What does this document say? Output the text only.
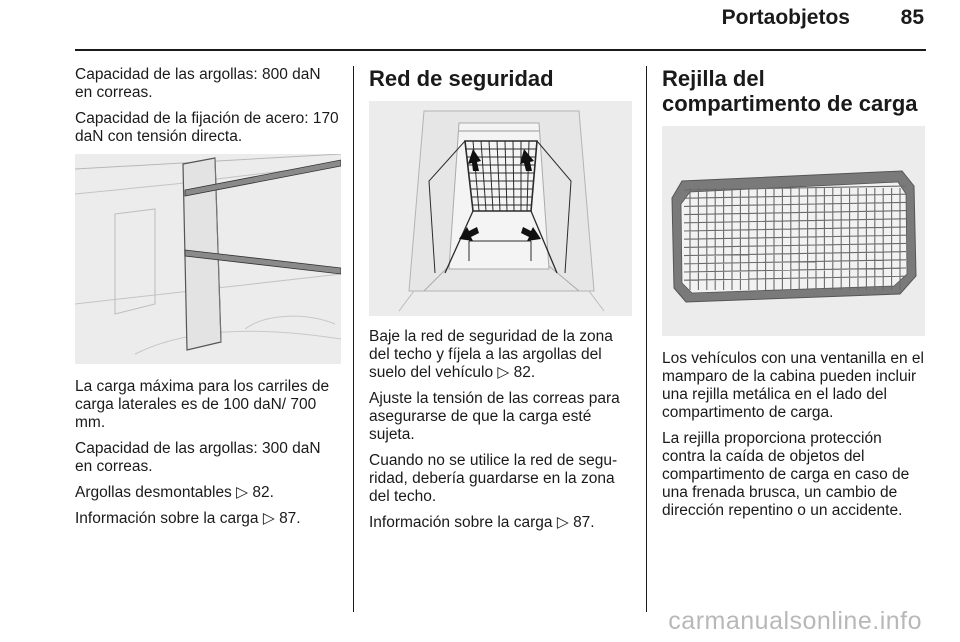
Portaobjetos 85

Capacidad de las argollas: 800 daN en correas.

Capacidad de la fijación de acero: 170 daN con tensión directa.

La carga máxima para los carriles de carga laterales es de 100 daN/ 700 mm.

Capacidad de las argollas: 300 daN en correas.

Argollas desmontables ▷ 82.

Información sobre la carga ▷ 87.

Red de seguridad

Baje la red de seguridad de la zona del techo y fíjela a las argollas del suelo del vehículo ▷ 82.

Ajuste la tensión de las correas para asegurarse de que la carga esté sujeta.

Cuando no se utilice la red de seguridad, debería guardarse en la zona del techo.

Información sobre la carga ▷ 87.

Rejilla del compartimento de carga

Los vehículos con una ventanilla en el mamparo de la cabina pueden incluir una rejilla metálica en el lado del compartimento de carga.

La rejilla proporciona protección contra la caída de objetos del compartimento de carga en caso de una frenada brusca, un cambio de dirección repentino o un accidente.

carmanualsonline.info
